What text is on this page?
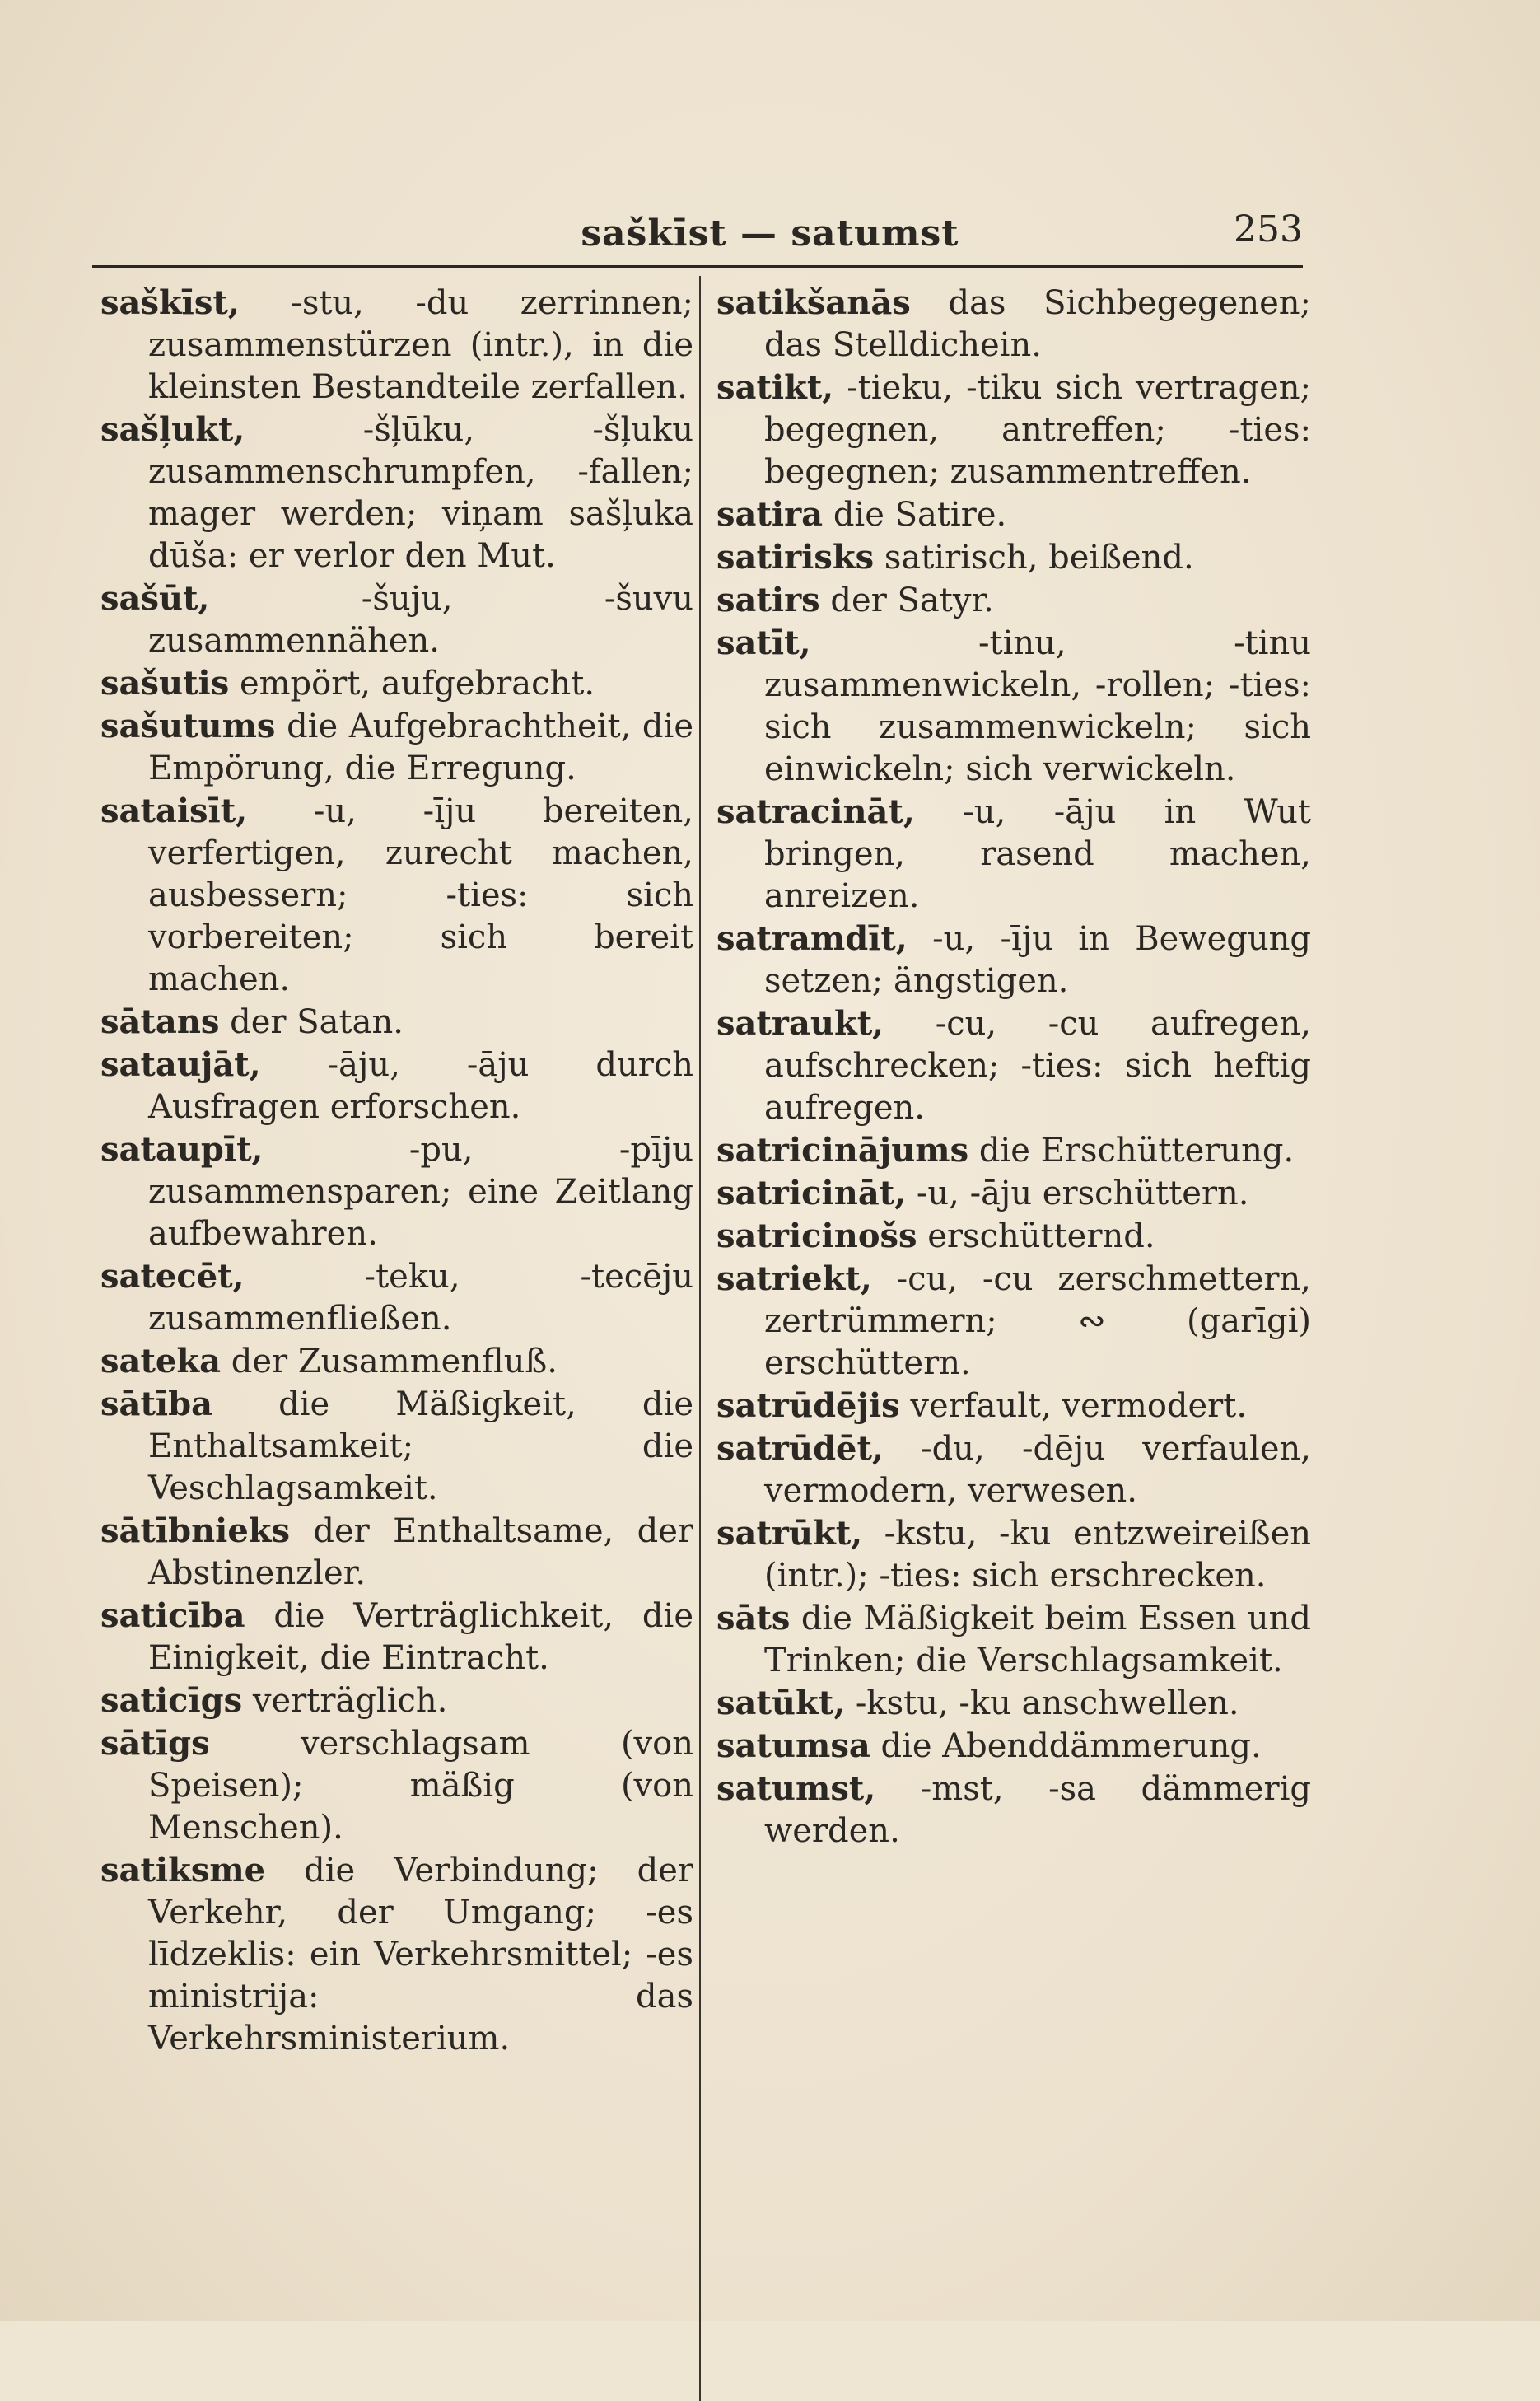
saškīst — satumst	253
saškīst, -stu, -du zerrinnen; zusammenstürzen (intr.), in die kleinsten Bestandteile zerfallen.
sašļukt, -šļūku, -šļuku zusammenschrumpfen, -fallen; mager werden; viņam sašļuka dūša: er verlor den Mut.
sašūt, -šuju, -šuvu zusammennähen.
sašutis empört, aufgebracht.
sašutums die Aufgebrachtheit, die Empörung, die Erregung.
sataisīt, -u, -īju bereiten, verfertigen, zurecht machen, ausbessern; -ties: sich vorbereiten; sich bereit machen.
sātans der Satan.
sataujāt, -āju, -āju durch Ausfragen erforschen.
sataupīt, -pu, -pīju zusammensparen; eine Zeitlang aufbewahren.
satecēt, -teku, -tecēju zusammenfließen.
sateka der Zusammenfluß.
sātība die Mäßigkeit, die Enthaltsamkeit; die Veschlagsamkeit.
sātībnieks der Enthaltsame, der Abstinenzler.
saticība die Verträglichkeit, die Einigkeit, die Eintracht.
saticīgs verträglich.
sātīgs verschlagsam (von Speisen); mäßig (von Menschen).
satiksme die Verbindung; der Verkehr, der Umgang; -es līdzeklis: ein Verkehrsmittel; -es ministrija: das Verkehrsministerium.
satikšanās das Sichbegegenen; das Stelldichein.
satikt, -tieku, -tiku sich vertragen; begegnen, antreffen; -ties: begegnen; zusammentreffen.
satira die Satire.
satirisks satirisch, beißend.
satirs der Satyr.
satīt, -tinu, -tinu zusammenwickeln, -rollen; -ties: sich zusammenwickeln; sich einwickeln; sich verwickeln.
satracināt, -u, -āju in Wut bringen, rasend machen, anreizen.
satramdīt, -u, -īju in Bewegung setzen; ängstigen.
satraukt, -cu, -cu aufregen, aufschrecken; -ties: sich heftig aufregen.
satricinājums die Erschütterung.
satricināt, -u, -āju erschüttern.
satricinošs erschütternd.
satriekt, -cu, -cu zerschmettern, zertrümmern; ∾ (garīgi) erschüttern.
satrūdējis verfault, vermodert.
satrūdēt, -du, -dēju verfaulen, vermodern, verwesen.
satrūkt, -kstu, -ku entzweireißen (intr.); -ties: sich erschrecken.
sāts die Mäßigkeit beim Essen und Trinken; die Verschlagsamkeit.
satūkt, -kstu, -ku anschwellen.
satumsa die Abenddämmerung.
satumst, -mst, -sa dämmerig werden.
